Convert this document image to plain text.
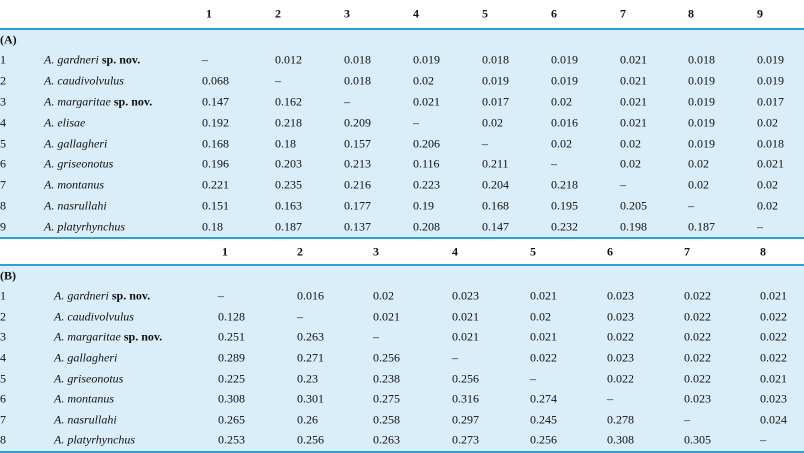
1	2	3	4	5	6	7	8	9
(A)
1	A. gardneri sp. nov.	–	0.012	0.018	0.019	0.018	0.019	0.021	0.018	0.019
2	A. caudivolvulus	0.068	–	0.018	0.02	0.019	0.019	0.021	0.019	0.019
3	A. margaritae sp. nov.	0.147	0.162	–	0.021	0.017	0.02	0.021	0.019	0.017
4	A. elisae	0.192	0.218	0.209	–	0.02	0.016	0.021	0.019	0.02
5	A. gallagheri	0.168	0.18	0.157	0.206	–	0.02	0.02	0.019	0.018
6	A. griseonotus	0.196	0.203	0.213	0.116	0.211	–	0.02	0.02	0.021
7	A. montanus	0.221	0.235	0.216	0.223	0.204	0.218	–	0.02	0.02
8	A. nasrullahi	0.151	0.163	0.177	0.19	0.168	0.195	0.205	–	0.02
9	A. platyrhynchus	0.18	0.187	0.137	0.208	0.147	0.232	0.198	0.187	–
1	2	3	4	5	6	7	8
(B)
1	A. gardneri sp. nov.	–	0.016	0.02	0.023	0.021	0.023	0.022	0.021
2	A. caudivolvulus	0.128	–	0.021	0.021	0.02	0.023	0.022	0.022
3	A. margaritae sp. nov.	0.251	0.263	–	0.021	0.021	0.022	0.022	0.022
4	A. gallagheri	0.289	0.271	0.256	–	0.022	0.023	0.022	0.022
5	A. griseonotus	0.225	0.23	0.238	0.256	–	0.022	0.022	0.021
6	A. montanus	0.308	0.301	0.275	0.316	0.274	–	0.023	0.023
7	A. nasrullahi	0.265	0.26	0.258	0.297	0.245	0.278	–	0.024
8	A. platyrhynchus	0.253	0.256	0.263	0.273	0.256	0.308	0.305	–
